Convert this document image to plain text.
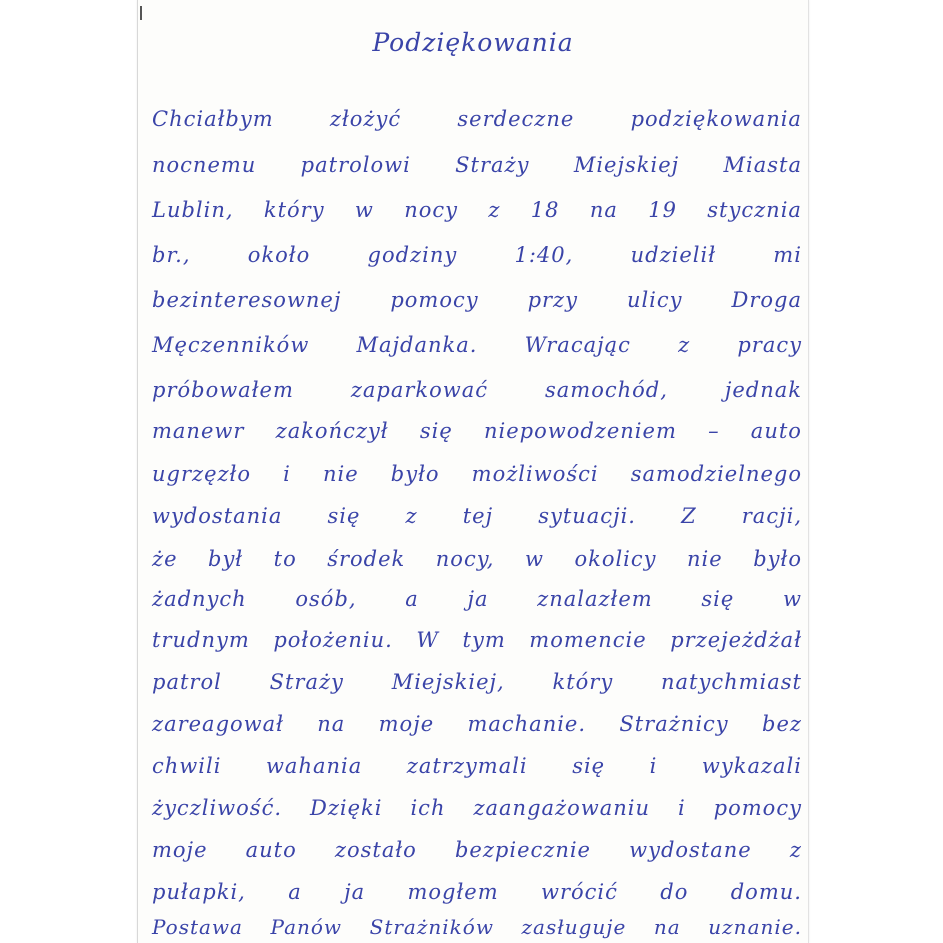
Podziękowania
Chciałbym	złożyć	serdeczne	podziękowania
nocnemu patrolowi Straży Miejskiej Miasta
Lublin, który w nocy z 18 na 19 stycznia
br.,	około	godziny	1:40,	udzielił	mi
bezinteresownej pomocy przy ulicy Droga
Męczenników Majdanka. Wracając z pracy
próbowałem	zaparkować	samochód,	jednak
manewr zakończył się niepowodzeniem – auto
ugrzęzło i nie było możliwości samodzielnego
wydostania się z tej sytuacji. Z racji,
że był to środek nocy, w okolicy nie było
żadnych osób, a ja znalazłem się w
trudnym położeniu. W tym momencie przejeżdżał
patrol Straży Miejskiej, który natychmiast
zareagował na moje machanie. Strażnicy bez
chwili wahania zatrzymali się i wykazali
życzliwość. Dzięki ich zaangażowaniu i pomocy
moje auto zostało bezpiecznie wydostane z
pułapki, a ja mogłem wrócić do domu.
Postawa Panów Strażników zasługuje na uznanie.
